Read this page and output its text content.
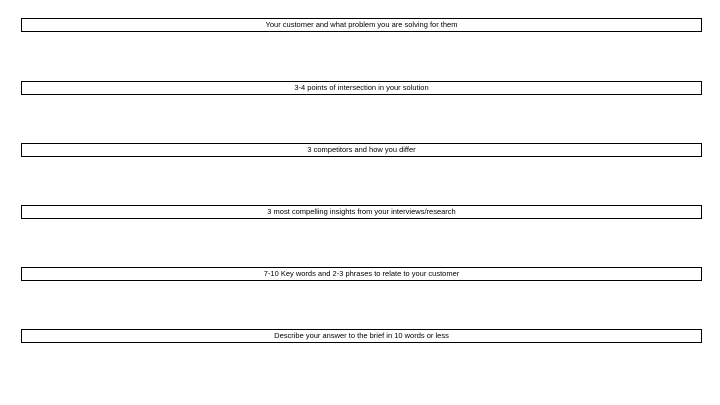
Your customer and what problem you are solving for them
3-4 points of intersection in your solution
3 competitors and how you differ
3 most compelling insights from your interviews/research
7-10 Key words and 2-3 phrases to relate to your customer
Describe your answer to the brief in 10 words or less
